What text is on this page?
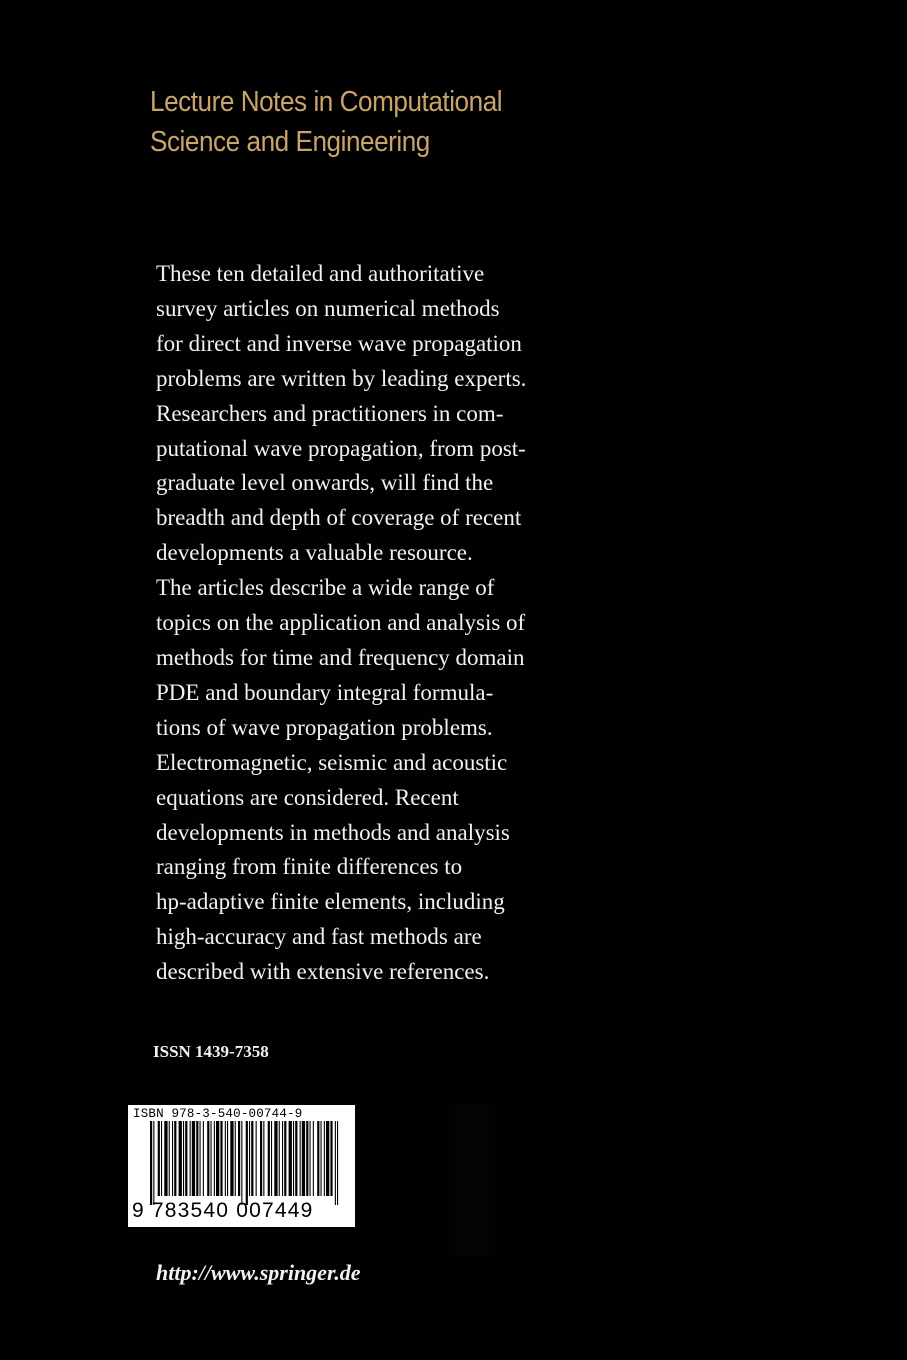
Lecture Notes in Computational
Science and Engineering
These ten detailed and authoritative
survey articles on numerical methods
for direct and inverse wave propagation
problems are written by leading experts.
Researchers and practitioners in com-
putational wave propagation, from post-
graduate level onwards, will find the
breadth and depth of coverage of recent
developments a valuable resource.
The articles describe a wide range of
topics on the application and analysis of
methods for time and frequency domain
PDE and boundary integral formula-
tions of wave propagation problems.
Electromagnetic, seismic and acoustic
equations are considered. Recent
developments in methods and analysis
ranging from finite differences to
hp-adaptive finite elements, including
high-accuracy and fast methods are
described with extensive references.
ISSN 1439-7358
ISBN 978-3-540-00744-9
9 783540 007449
http://www.springer.de
